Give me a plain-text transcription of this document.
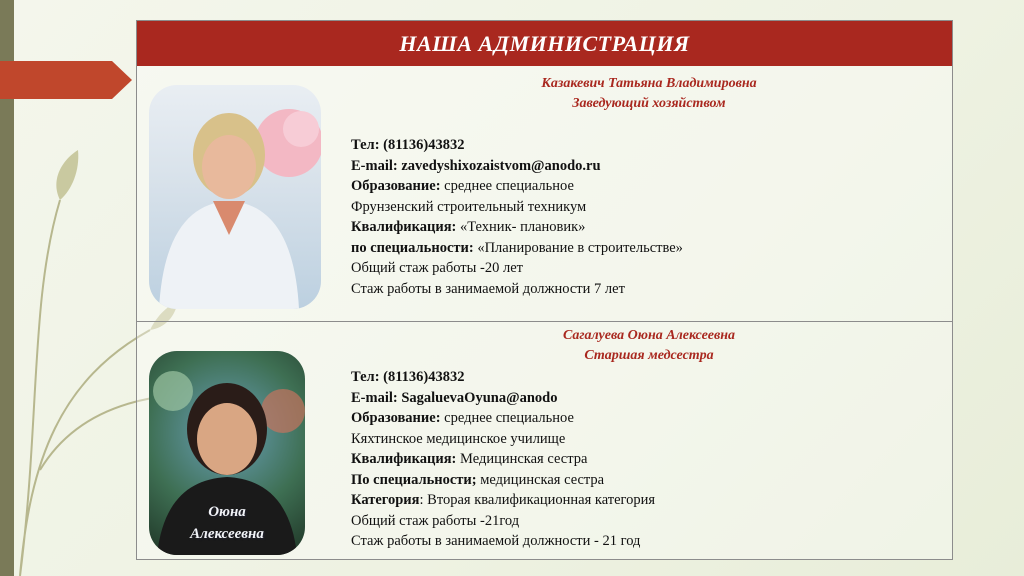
НАША АДМИНИСТРАЦИЯ
Казакевич Татьяна Владимировна
Заведующий хозяйством
Тел: (81136)43832
E-mail: zavedyshixozaistvom@anodo.ru
Образование: среднее специальное
Фрунзенский строительный техникум
Квалификация: «Техник- плановик»
по специальности: «Планирование в строительстве»
Общий стаж работы -20 лет
Стаж работы в занимаемой должности 7 лет
Оюна
Алексеевна
Сагалуева Оюна Алексеевна
Старшая медсестра
Тел: (81136)43832
E-mail: SagaluevaOyuna@anodo
Образование: среднее специальное
Кяхтинское медицинское училище
Квалификация: Медицинская сестра
По специальности; медицинская сестра
Категория: Вторая квалификационная категория
Общий стаж работы -21год
Стаж работы в занимаемой должности - 21 год
